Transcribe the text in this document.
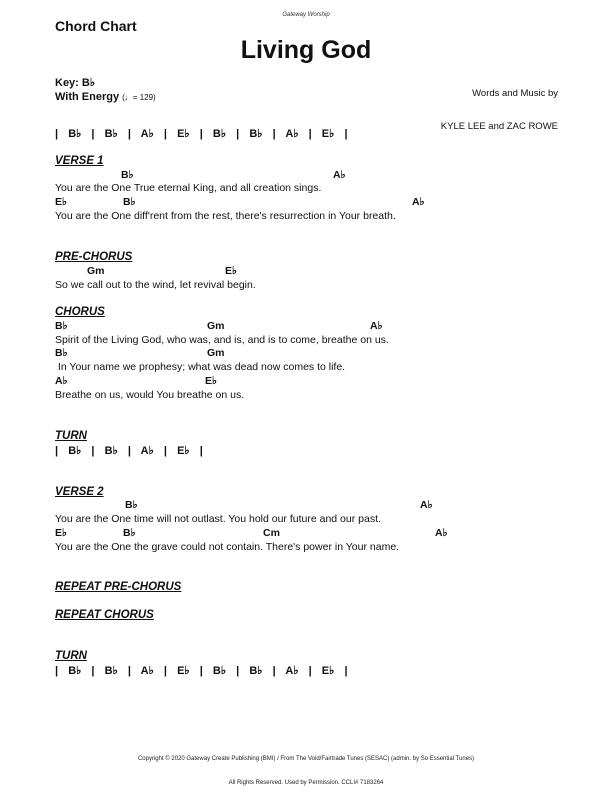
Gateway Worship
Chord Chart
Living God

Words and Music by

KYLE LEE and ZAC ROWE

Key: B♭
With Energy (♩= 129)
|  B♭  |  B♭  |  A♭  |  E♭  |  B♭  |  B♭  |  A♭  |  E♭  |
VERSE 1

B♭

	A♭

You are the One True eternal King, and all creation sings.

E♭

	B♭

	A♭

You are the One diff'rent from the rest, there's resurrection in Your breath.
PRE-CHORUS

Gm

	E♭

So we call out to the wind, let revival begin.
CHORUS

B♭

	Gm

	A♭

Spirit of the Living God, who was, and is, and is to come, breathe on us.

B♭

	Gm

In Your name we prophesy; what was dead now comes to life.

A♭

	E♭

Breathe on us, would You breathe on us.
TURN
|  B♭  |  B♭  |  A♭  |  E♭  |
VERSE 2

B♭

	A♭

You are the One time will not outlast. You hold our future and our past.

E♭

	B♭

	Cm

	A♭

You are the One the grave could not contain. There's power in Your name.
REPEAT PRE-CHORUS
REPEAT CHORUS
TURN
|  B♭  |  B♭  |  A♭  |  E♭  |  B♭  |  B♭  |  A♭  |  E♭  |

Copyright © 2020 Gateway Create Publishing (BMI) / From The Void/Fairtrade Tunes (SESAC) (admin. by So Essential Tunes)

All Rights Reserved. Used by Permission. CCLI# 7183264
